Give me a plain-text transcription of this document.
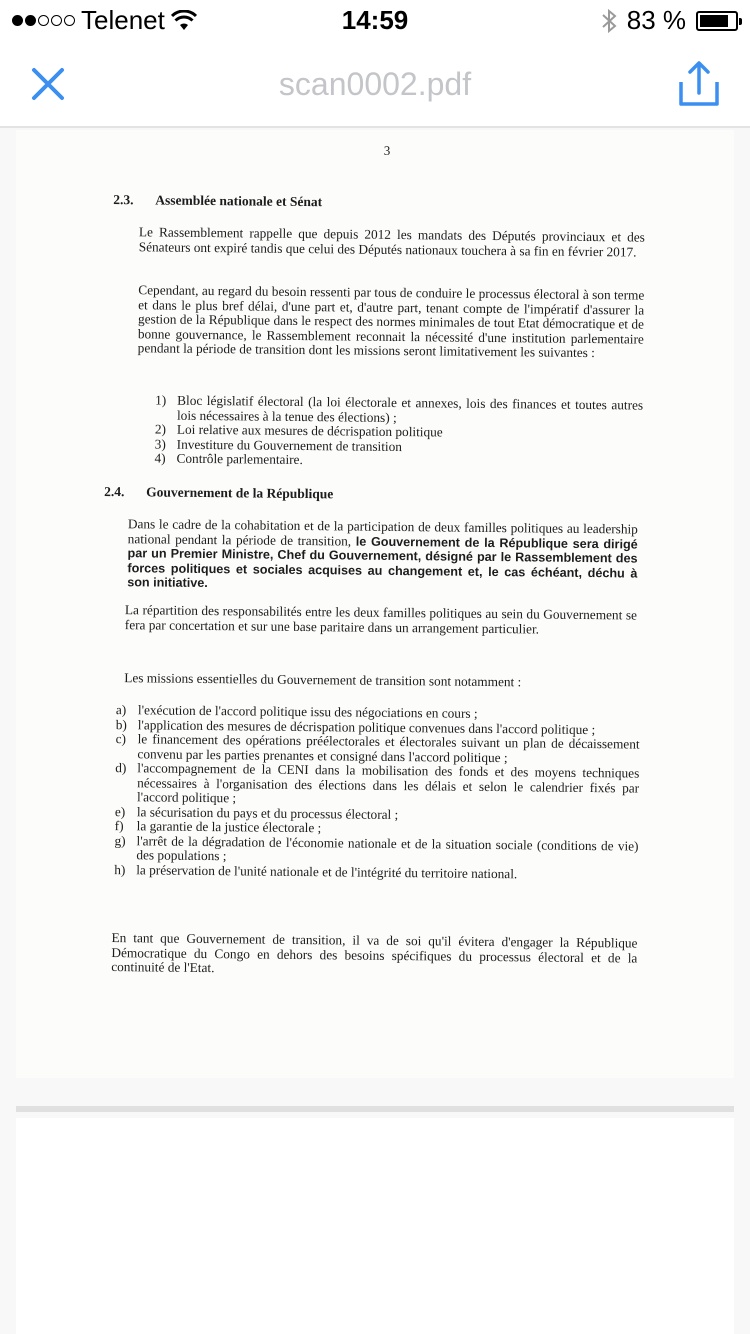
Telenet	14:59	83 %
scan0002.pdf
3
2.3. Assemblée nationale et Sénat
Le Rassemblement rappelle que depuis 2012 les mandats des Députés provinciaux et des Sénateurs ont expiré tandis que celui des Députés nationaux touchera à sa fin en février 2017.
Cependant, au regard du besoin ressenti par tous de conduire le processus électoral à son terme et dans le plus bref délai, d'une part et, d'autre part, tenant compte de l'impératif d'assurer la gestion de la République dans le respect des normes minimales de tout Etat démocratique et de bonne gouvernance, le Rassemblement reconnait la nécessité d'une institution parlementaire pendant la période de transition dont les missions seront limitativement les suivantes :
1) Bloc législatif électoral (la loi électorale et annexes, lois des finances et toutes autres lois nécessaires à la tenue des élections) ;
2) Loi relative aux mesures de décrispation politique
3) Investiture du Gouvernement de transition
4) Contrôle parlementaire.
2.4. Gouvernement de la République
Dans le cadre de la cohabitation et de la participation de deux familles politiques au leadership national pendant la période de transition, le Gouvernement de la République sera dirigé par un Premier Ministre, Chef du Gouvernement, désigné par le Rassemblement des forces politiques et sociales acquises au changement et, le cas échéant, déchu à son initiative.
La répartition des responsabilités entre les deux familles politiques au sein du Gouvernement se fera par concertation et sur une base paritaire dans un arrangement particulier.
Les missions essentielles du Gouvernement de transition sont notamment :
a) l'exécution de l'accord politique issu des négociations en cours ;
b) l'application des mesures de décrispation politique convenues dans l'accord politique ;
c) le financement des opérations préélectorales et électorales suivant un plan de décaissement convenu par les parties prenantes et consigné dans l'accord politique ;
d) l'accompagnement de la CENI dans la mobilisation des fonds et des moyens techniques nécessaires à l'organisation des élections dans les délais et selon le calendrier fixés par l'accord politique ;
e) la sécurisation du pays et du processus électoral ;
f) la garantie de la justice électorale ;
g) l'arrêt de la dégradation de l'économie nationale et de la situation sociale (conditions de vie) des populations ;
h) la préservation de l'unité nationale et de l'intégrité du territoire national.
En tant que Gouvernement de transition, il va de soi qu'il évitera d'engager la République Démocratique du Congo en dehors des besoins spécifiques du processus électoral et de la continuité de l'Etat.
